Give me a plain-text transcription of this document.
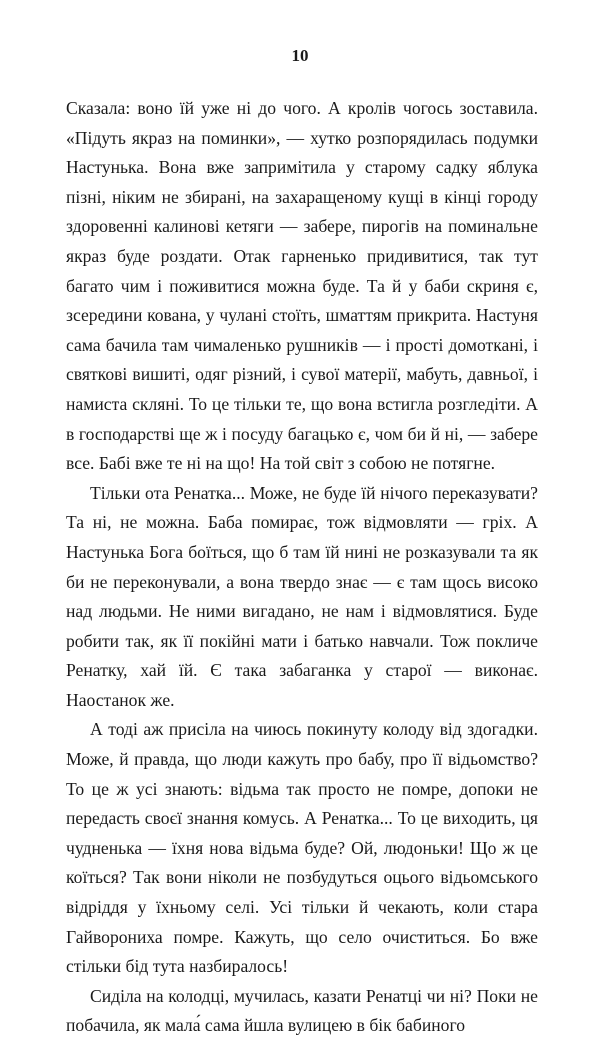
10

Сказала: воно їй уже ні до чого. А кролів чогось зоставила. «Підуть якраз на поминки», — хутко розпорядилась подумки Настунька. Вона вже запримітила у старому садку яблука пізні, ніким не збирані, на захаращеному кущі в кінці городу здоровенні калинові кетяги — забере, пирогів на поминальне якраз буде роздати. Отак гарненько придивитися, так тут багато чим і поживитися можна буде. Та й у баби скриня є, зсередини кована, у чулані стоїть, шматтям прикрита. Настуня сама бачила там чималенько рушників — і прості домоткані, і святкові вишиті, одяг різний, і сувої матерії, мабуть, давньої, і намиста скляні. То це тільки те, що вона встигла розгледіти. А в господарстві ще ж і посуду багацько є, чом би й ні, — забере все. Бабі вже те ні на що! На той світ з собою не потягне.

Тільки ота Ренатка... Може, не буде їй нічого переказувати? Та ні, не можна. Баба помирає, тож відмовляти — гріх. А Настунька Бога боїться, що б там їй нині не розказували та як би не переконували, а вона твердо знає — є там щось високо над людьми. Не ними вигадано, не нам і відмовлятися. Буде робити так, як її покійні мати і батько навчали. Тож покличе Ренатку, хай їй. Є така забаганка у старої — виконає. Наостанок же.

А тоді аж присіла на чиюсь покинуту колоду від здогадки. Може, й правда, що люди кажуть про бабу, про її відьомство? То це ж усі знають: відьма так просто не помре, допоки не передасть своєї знання комусь. А Ренатка... То це виходить, ця чудненька — їхня нова відьма буде? Ой, людоньки! Що ж це коїться? Так вони ніколи не позбудуться оцього відьомського відріддя у їхньому селі. Усі тільки й чекають, коли стара Гайворониха помре. Кажуть, що село очиститься. Бо вже стільки бід тута назбиралось!

Сиділа на колодці, мучилась, казати Ренатці чи ні? Поки не побачила, як мала́ сама йшла вулицею в бік бабиного
